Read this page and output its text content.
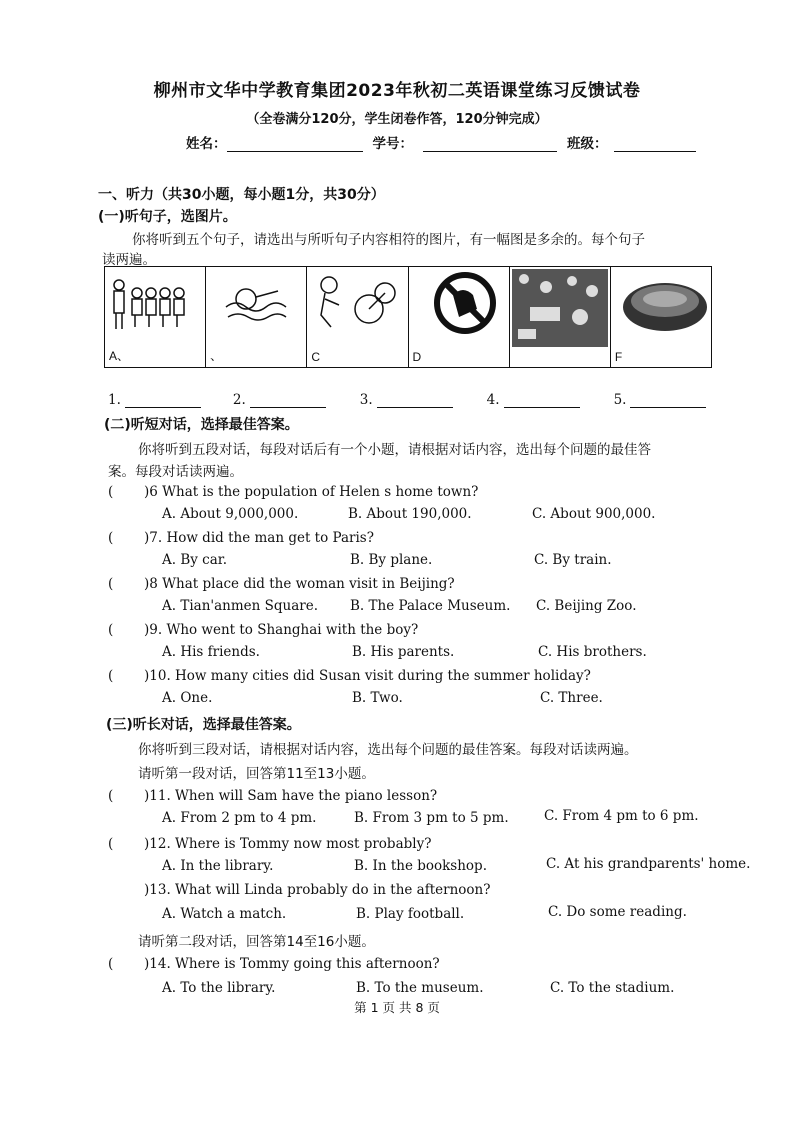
柳州市文华中学教育集团2023年秋初二英语课堂练习反馈试卷
（全卷满分120分，学生闭卷作答，120分钟完成）
姓名：	学号：	班级：
一、听力（共30小题，每小题1分，共30分）
(一)听句子，选图片。
你将听到五个句子，请选出与所听句子内容相符的图片，有一幅图是多余的。每个句子
读两遍。
A、	、	C	D	E	F
1.	2.	3.	4.	5.
(二)听短对话，选择最佳答案。
你将听到五段对话，每段对话后有一个小题，请根据对话内容，选出每个问题的最佳答
案。每段对话读两遍。
( )6 What is the population of Helen s home town?
A. About 9,000,000.	B. About 190,000.	C. About 900,000.
( )7. How did the man get to Paris?
A. By car.	B. By plane.	C. By train.
( )8 What place did the woman visit in Beijing?
A. Tian'anmen Square. B. The Palace Museum. C. Beijing Zoo.
( )9. Who went to Shanghai with the boy?
A. His friends.	B. His parents.	C. His brothers.
( )10. How many cities did Susan visit during the summer holiday?
A. One.	B. Two.	C. Three.
(三)听长对话，选择最佳答案。
你将听到三段对话，请根据对话内容，选出每个问题的最佳答案。每段对话读两遍。
请听第一段对话，回答第11至13小题。
( )11. When will Sam have the piano lesson?
A. From 2 pm to 4 pm.	B. From 3 pm to 5 pm.	C. From 4 pm to 6 pm.
( )12. Where is Tommy now most probably?
A. In the library.	B. In the bookshop.	C. At his grandparents' home.
)13. What will Linda probably do in the afternoon?
A. Watch a match.	B. Play football.	C. Do some reading.
请听第二段对话，回答第14至16小题。
( )14. Where is Tommy going this afternoon?
A. To the library.	B. To the museum.	C. To the stadium.
第 1 页 共 8 页
